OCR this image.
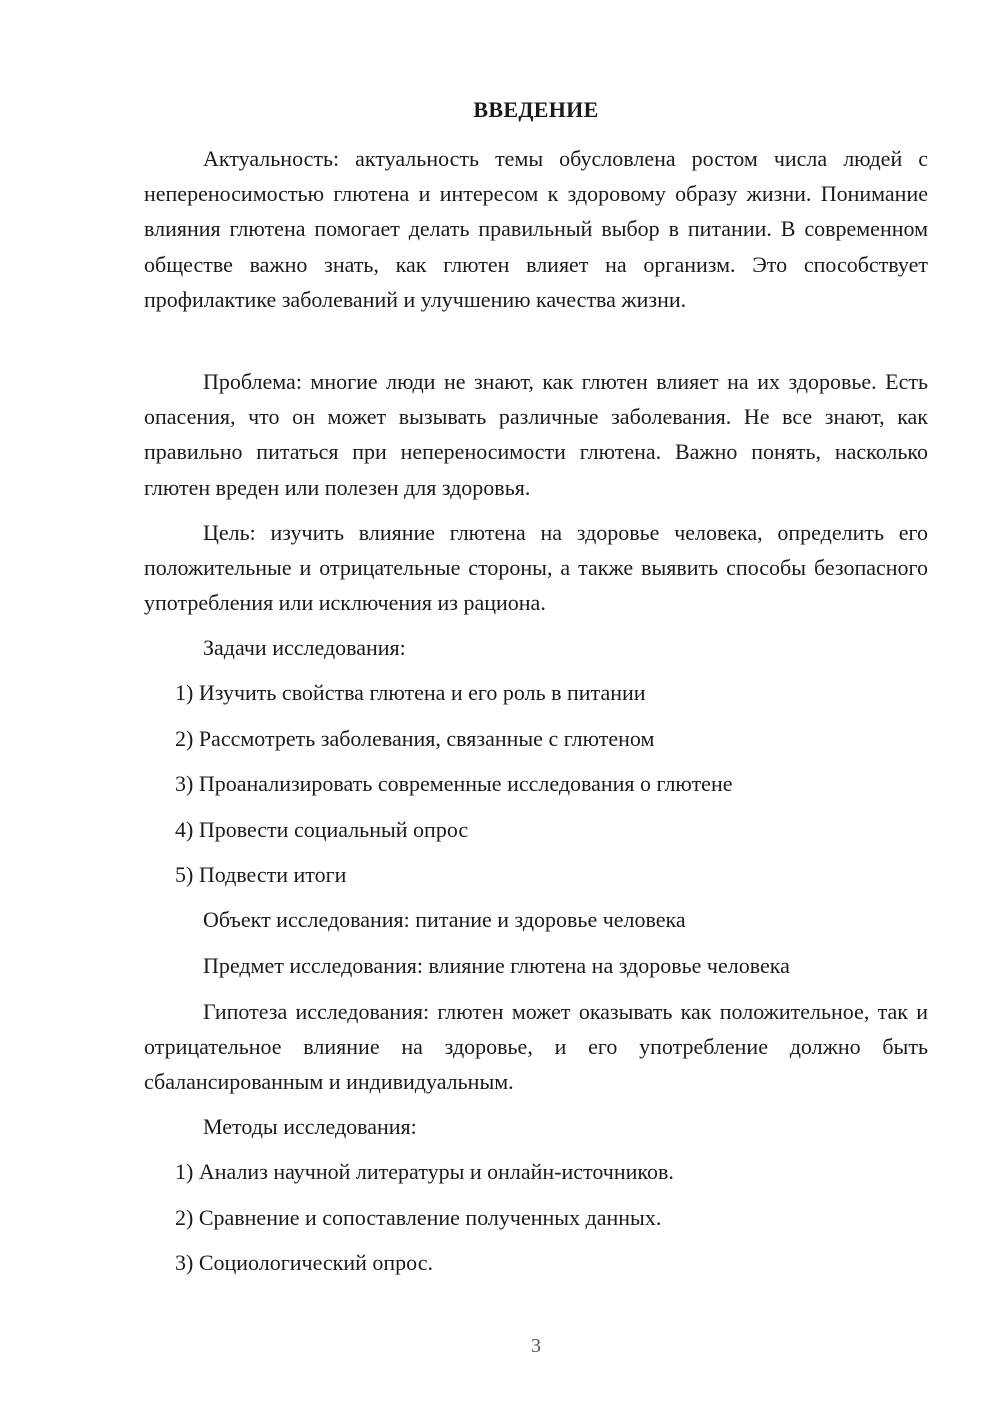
ВВЕДЕНИЕ

Актуальность: актуальность темы обусловлена ростом числа людей с непереносимостью глютена и интересом к здоровому образу жизни. Понимание влияния глютена помогает делать правильный выбор в питании. В современном обществе важно знать, как глютен влияет на организм. Это способствует профилактике заболеваний и улучшению качества жизни.

Проблема: многие люди не знают, как глютен влияет на их здоровье. Есть опасения, что он может вызывать различные заболевания. Не все знают, как правильно питаться при непереносимости глютена. Важно понять, насколько глютен вреден или полезен для здоровья.

Цель: изучить влияние глютена на здоровье человека, определить его положительные и отрицательные стороны, а также выявить способы безопасного употребления или исключения из рациона.

Задачи исследования:

1) Изучить свойства глютена и его роль в питании

2) Рассмотреть заболевания, связанные с глютеном

3) Проанализировать современные исследования о глютене

4) Провести социальный опрос

5) Подвести итоги

Объект исследования: питание и здоровье человека

Предмет исследования: влияние глютена на здоровье человека

Гипотеза исследования: глютен может оказывать как положительное, так и отрицательное влияние на здоровье, и его употребление должно быть сбалансированным и индивидуальным.

Методы исследования:

1) Анализ научной литературы и онлайн-источников.

2) Сравнение и сопоставление полученных данных.

3) Социологический опрос.

3
